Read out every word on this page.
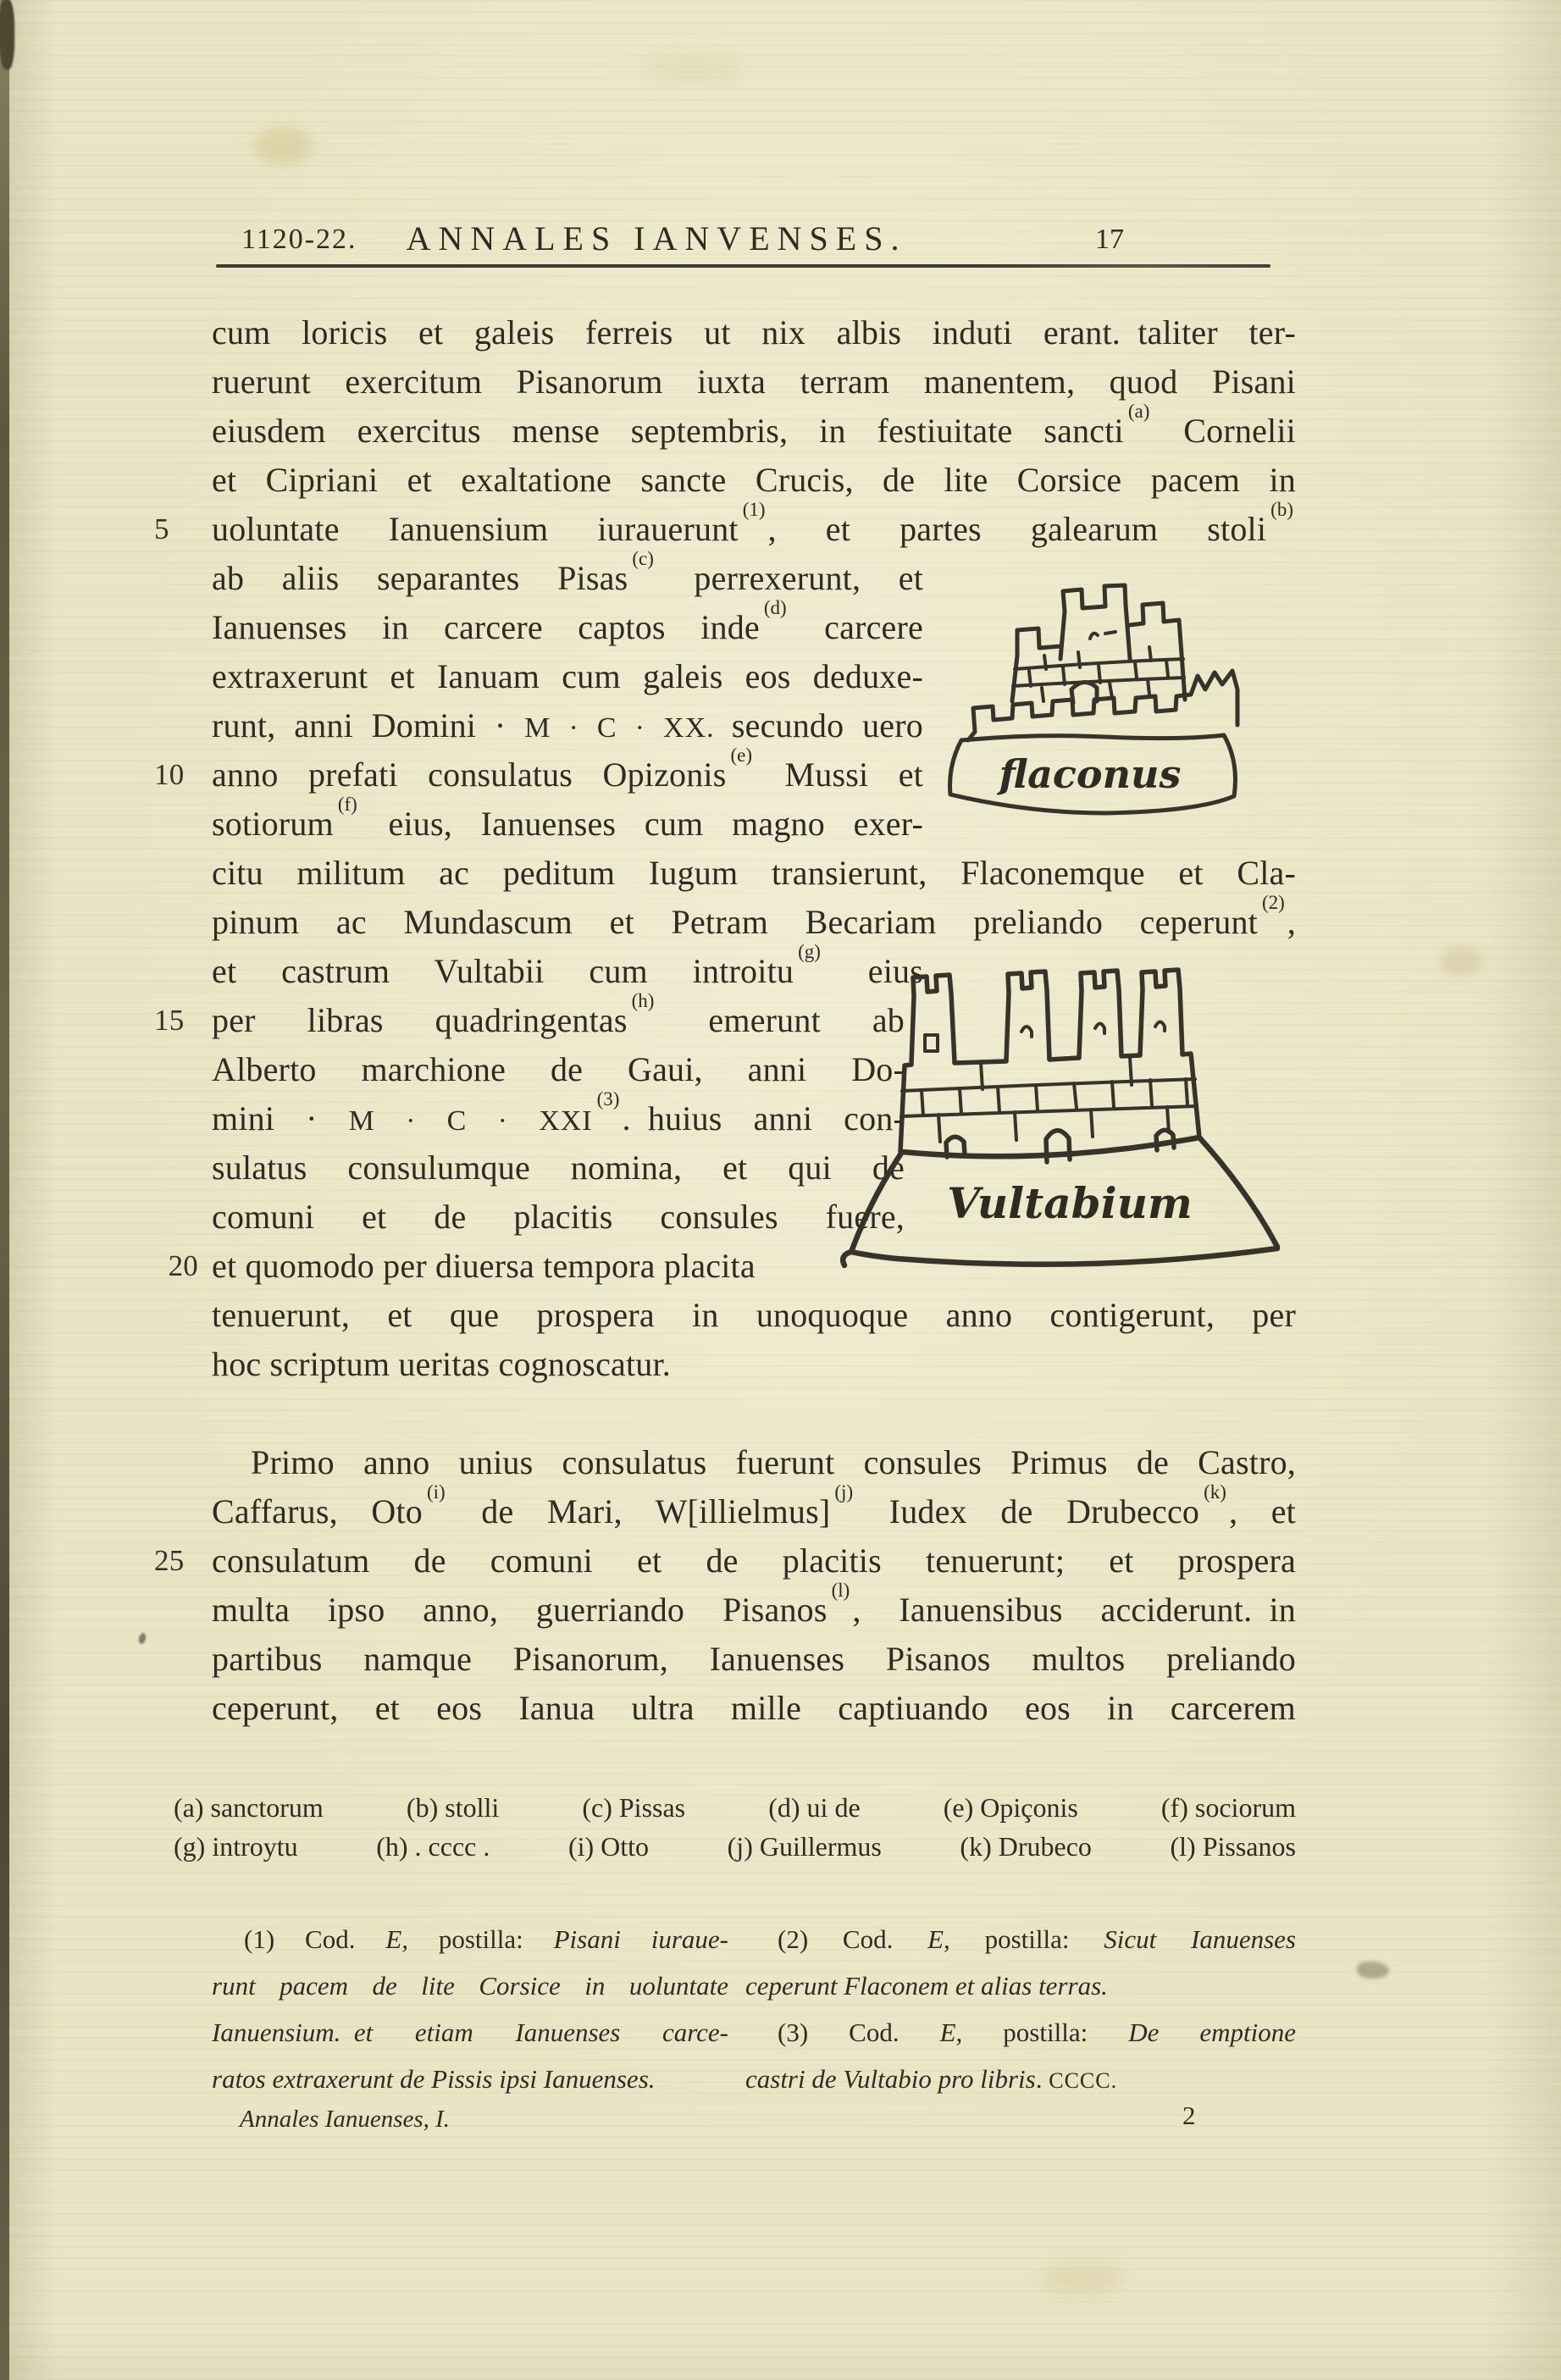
1120-22. ANNALES IANVENSES.	17
cum loricis et galeis ferreis ut nix albis induti erant. taliter ter-
ruerunt exercitum Pisanorum iuxta terram manentem, quod Pisani
eiusdem exercitus mense septembris, in festiuitate sancti$^{(a)}$ Cornelii
et Cipriani et exaltatione sancte Crucis, de lite Corsice pacem in
5	uoluntate Ianuensium iurauerunt$^{(1)}$, et partes galearum stoli$^{(b)}$
ab aliis separantes Pisas$^{(c)}$ perrexerunt, et
Ianuenses in carcere captos inde$^{(d)}$ carcere
extraxerunt et Ianuam cum galeis eos deduxe-
runt, anni Domini · M · C · XX. secundo uero
10 anno prefati consulatus Opizonis$^{(e)}$ Mussi et
sotiorum$^{(f)}$ eius, Ianuenses cum magno exer-
citu militum ac peditum Iugum transierunt, Flaconemque et Cla-
pinum ac Mundascum et Petram Becariam preliando ceperunt$^{(2)}$,
et castrum Vultabii cum introitu$^{(g)}$ eius
15 per libras quadringentas$^{(h)}$ emerunt ab
Alberto marchione de Gaui, anni Do-
mini · M · C · XXI$^{(3)}$. huius anni con-
sulatus consulumque nomina, et qui de
comuni et de placitis consules fuere,
20 et quomodo per diuersa tempora placita
tenuerunt, et que prospera in unoquoque anno contigerunt, per
hoc scriptum ueritas cognoscatur.
Primo anno unius consulatus fuerunt consules Primus de Castro,
Caffarus, Oto$^{(i)}$ de Mari, W[illielmus]$^{(j)}$ Iudex de Drubecco$^{(k)}$, et
25 consulatum de comuni et de placitis tenuerunt; et prospera
multa ipso anno, guerriando Pisanos$^{(l)}$, Ianuensibus acciderunt. in
partibus namque Pisanorum, Ianuenses Pisanos multos preliando
ceperunt, et eos Ianua ultra mille captiuando eos in carcerem
flaconus
Vultabium
(a) sanctorum	(b) stolli	(c) Pissas	(d) ui de	(e) Opiçonis	(f) sociorum
(g) introytu	(h) . cccc .	(i) Otto	(j) Guillermus	(k) Drubeco	(l) Pissanos
(1) Cod. E, postilla: Pisani iuraue-
runt pacem de lite Corsice in uoluntate
Ianuensium. et etiam Ianuenses carce-
ratos extraxerunt de Pissis ipsi Ianuenses.
(2) Cod. E, postilla: Sicut Ianuenses
ceperunt Flaconem et alias terras.
(3) Cod. E, postilla: De emptione
castri de Vultabio pro libris. CCCC.
Annales Ianuenses, I.	2
